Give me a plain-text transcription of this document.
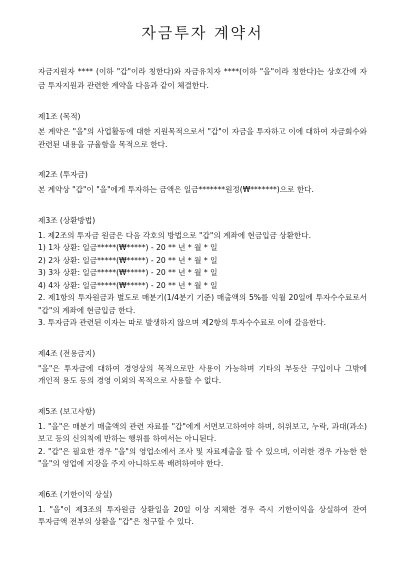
자금투자 계약서

자금지원자 **** (이하 "갑"이라 칭한다)와 자금유치자 ****(이하 "을"이라 칭한다)는 상호간에 자금 투자지원과 관련한 계약을 다음과 같이 체결한다.

제1조 (목적)

본 계약은 "을"의 사업활동에 대한 지원목적으로서 "갑"이 자금을 투자하고 이에 대하여 자금회수와 관련된 내용을 규율함을 목적으로 한다.

제2조 (투자금)

본 계약상 "갑"이 "을"에게 투자하는 금액은 일금*******원정(₩*******)으로 한다.

제3조 (상환방법)

1. 제2조의 투자금 원금은 다음 각호의 방법으로 "갑"의 계좌에 현금입금 상환한다.

1) 1차 상환: 일금*****(₩*****) - 20 ** 년 * 월 * 일

2) 2차 상환: 일금*****(₩*****) - 20 ** 년 * 월 * 일

3) 3차 상환: 일금*****(₩*****) - 20 ** 년 * 월 * 일

4) 4차 상환: 일금*****(₩*****) - 20 ** 년 * 월 * 일

2. 제1항의 투자원금과 별도로 매분기(1/4분기 기준) 매출액의 5%를 익월 20일에 투자수수료로서 "갑"의 계좌에 현금입금 한다.

3. 투자금과 관련된 이자는 따로 발생하지 않으며 제2항의 투자수수료로 이에 갈음한다.

제4조 (전용금지)

"을"은 투자금에 대하여 경영상의 목적으로만 사용이 가능하며 기타의 부동산 구입이나 그밖에 개인적 용도 등의 경영 이외의 목적으로 사용할 수 없다.

제5조 (보고사항)

1. "을"은 매분기 매출액의 관련 자료를 "갑"에게 서면보고하여야 하며, 허위보고, 누락, 과대(과소)보고 등의 신의칙에 반하는 행위를 하여서는 아니된다.

2. "갑"은 필요한 경우 "을"의 영업소에서 조사 및 자료제출을 할 수 있으며, 이러한 경우 가능한 한 "을"의 영업에 지장을 주지 아니하도록 배려하여야 한다.

제6조 (기한이익 상실)

1. "을"이 제3조의 투자원금 상환일을 20일 이상 지체한 경우 즉시 기한이익을 상실하여 잔여 투자금액 전부의 상환을 "갑"은 청구할 수 있다.
